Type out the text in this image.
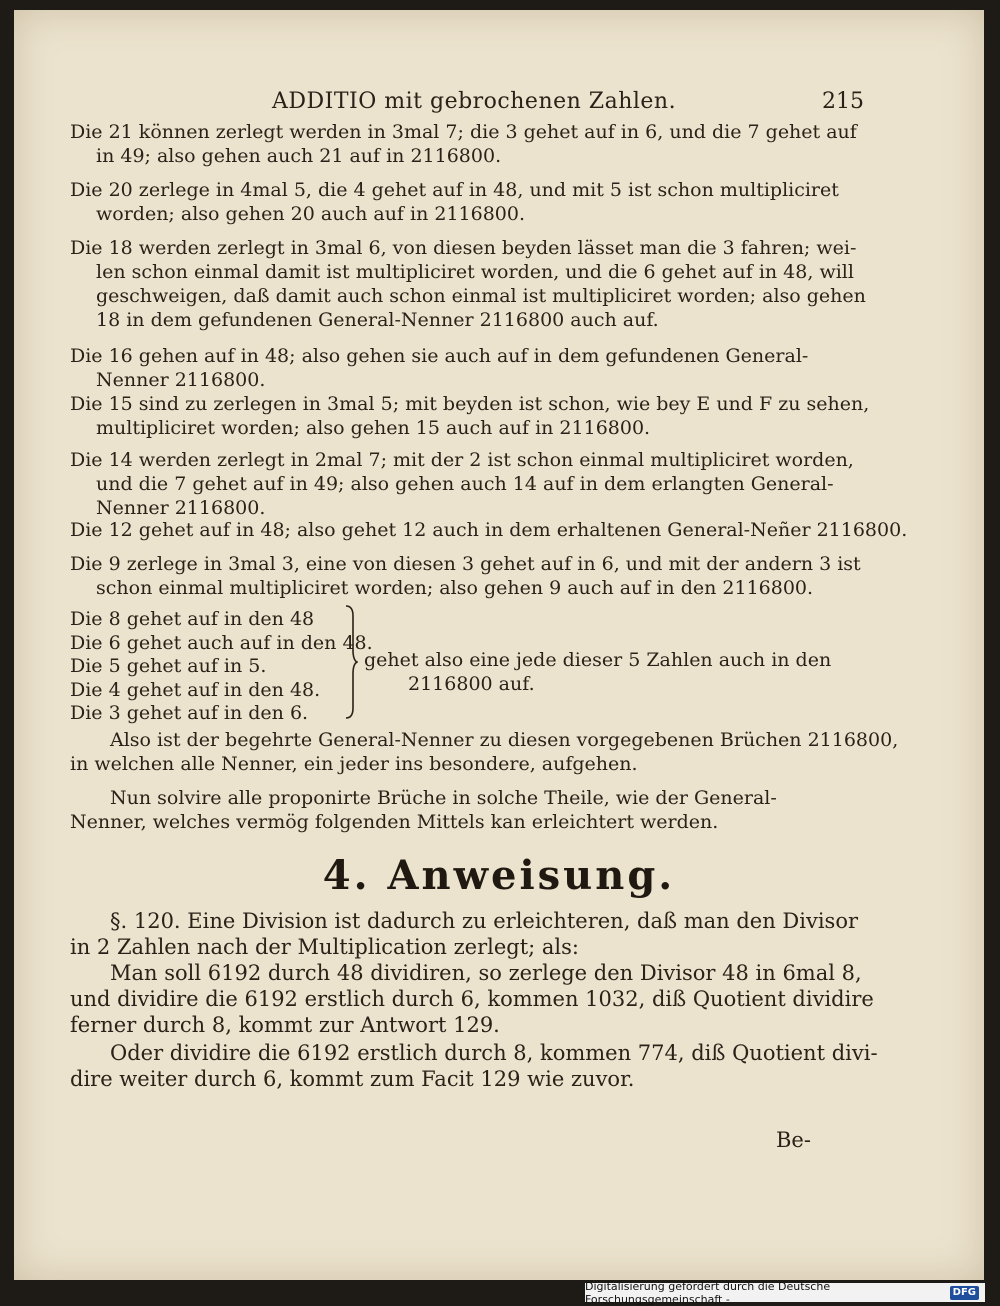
ADDITIO mit gebrochenen Zahlen.	215
Die 21 können zerlegt werden in 3mal 7; die 3 gehet auf in 6, und die 7 gehet auf
in 49; also gehen auch 21 auf in 2116800.
Die 20 zerlege in 4mal 5, die 4 gehet auf in 48, und mit 5 ist schon multipliciret
worden; also gehen 20 auch auf in 2116800.
Die 18 werden zerlegt in 3mal 6, von diesen beyden lässet man die 3 fahren; wei-
len schon einmal damit ist multipliciret worden, und die 6 gehet auf in 48, will
geschweigen, daß damit auch schon einmal ist multipliciret worden; also gehen
18 in dem gefundenen General-Nenner 2116800 auch auf.
Die 16 gehen auf in 48; also gehen sie auch auf in dem gefundenen General-
Nenner 2116800.
Die 15 sind zu zerlegen in 3mal 5; mit beyden ist schon, wie bey E und F zu sehen,
multipliciret worden; also gehen 15 auch auf in 2116800.
Die 14 werden zerlegt in 2mal 7; mit der 2 ist schon einmal multipliciret worden,
und die 7 gehet auf in 49; also gehen auch 14 auf in dem erlangten General-
Nenner 2116800.
Die 12 gehet auf in 48; also gehet 12 auch in dem erhaltenen General-Neñer 2116800.
Die 9 zerlege in 3mal 3, eine von diesen 3 gehet auf in 6, und mit der andern 3 ist
schon einmal multipliciret worden; also gehen 9 auch auf in den 2116800.
Die 8 gehet auf in den 48
Die 6 gehet auch auf in den 48.
Die 5 gehet auf in 5.
Die 4 gehet auf in den 48.
Die 3 gehet auf in den 6.
gehet also eine jede dieser 5 Zahlen auch in den
2116800 auf.
Also ist der begehrte General-Nenner zu diesen vorgegebenen Brüchen 2116800,
in welchen alle Nenner, ein jeder ins besondere, aufgehen.
Nun solvire alle proponirte Brüche in solche Theile, wie der General-
Nenner, welches vermög folgenden Mittels kan erleichtert werden.
4. Anweisung.
§. 120. Eine Division ist dadurch zu erleichteren, daß man den Divisor
in 2 Zahlen nach der Multiplication zerlegt; als:
Man soll 6192 durch 48 dividiren, so zerlege den Divisor 48 in 6mal 8,
und dividire die 6192 erstlich durch 6, kommen 1032, diß Quotient dividire
ferner durch 8, kommt zur Antwort 129.
Oder dividire die 6192 erstlich durch 8, kommen 774, diß Quotient divi-
dire weiter durch 6, kommt zum Facit 129 wie zuvor.
Be-
Digitalisierung gefördert durch die Deutsche Forschungsgemeinschaft -
DFG
